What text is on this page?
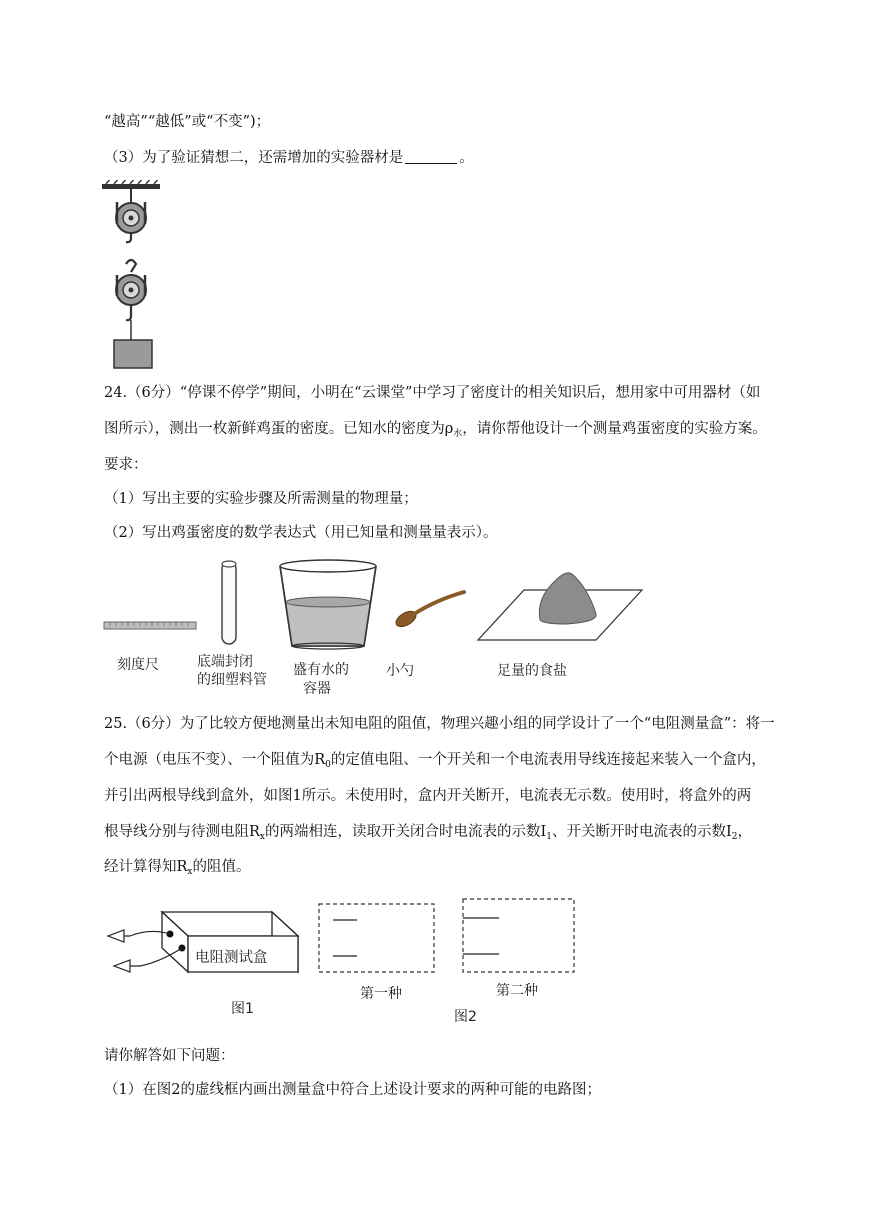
“越高”“越低”或“不变”)；
（3）为了验证猜想二，还需增加的实验器材是	。
24.（6分）“停课不停学”期间，小明在“云课堂”中学习了密度计的相关知识后，想用家中可用器材（如
图所示），测出一枚新鲜鸡蛋的密度。已知水的密度为$\rho_水$，请你帮他设计一个测量鸡蛋密度的实验方案。
要求：
（1）写出主要的实验步骤及所需测量的物理量；
（2）写出鸡蛋密度的数学表达式（用已知量和测量量表示）。
刻度尺	底端封闭
的细塑料管
盛有水的
容器
小勺	足量的食盐
25.（6分）为了比较方便地测量出未知电阻的阻值，物理兴趣小组的同学设计了一个“电阻测量盒”：将一
个电源（电压不变）、一个阻值为$R_0$的定值电阻、一个开关和一个电流表用导线连接起来装入一个盒内，
并引出两根导线到盒外，如图1所示。未使用时，盒内开关断开，电流表无示数。使用时，将盒外的两
根导线分别与待测电阻$R_x$的两端相连，读取开关闭合时电流表的示数$I_1$、开关断开时电流表的示数$I_2$，
经计算得知$R_x$的阻值。
电阻测试盒
图1
第一种	第二种
图2
请你解答如下问题：
（1）在图2的虚线框内画出测量盒中符合上述设计要求的两种可能的电路图；
